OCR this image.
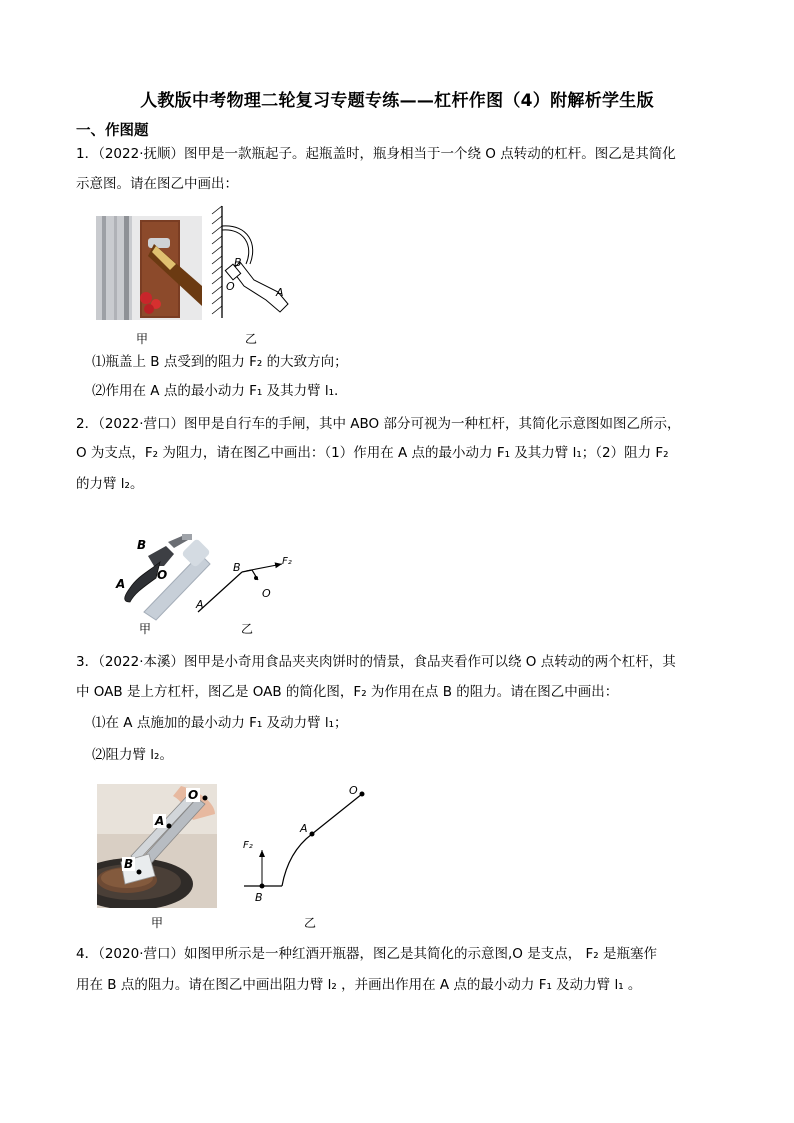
人教版中考物理二轮复习专题专练——杠杆作图（4）附解析学生版
一、作图题
1．（2022·抚顺）图甲是一款瓶起子。起瓶盖时，瓶身相当于一个绕 O 点转动的杠杆。图乙是其简化
示意图。请在图乙中画出：
甲
B
O	A
乙
⑴瓶盖上 B 点受到的阻力 F₂ 的大致方向；
⑵作用在 A 点的最小动力 F₁ 及其力臂 l₁.
2．（2022·营口）图甲是自行车的手闸，其中 ABO 部分可视为一种杠杆，其简化示意图如图乙所示，
O 为支点，F₂ 为阻力，请在图乙中画出：（1）作用在 A 点的最小动力 F₁ 及其力臂 l₁；（2）阻力 F₂
的力臂 l₂。
B
O
A
甲
B
O
A
F₂
乙
3．（2022·本溪）图甲是小奇用食品夹夹肉饼时的情景，食品夹看作可以绕 O 点转动的两个杠杆，其
中 OAB 是上方杠杆，图乙是 OAB 的简化图，F₂ 为作用在点 B 的阻力。请在图乙中画出：
⑴在 A 点施加的最小动力 F₁ 及动力臂 l₁；
⑵阻力臂 l₂。
O
A
B
甲
O
A
B
F₂
乙
4．（2020·营口）如图甲所示是一种红酒开瓶器，图乙是其简化的示意图,O 是支点， F₂ 是瓶塞作
用在 B 点的阻力。请在图乙中画出阻力臂 l₂ ，并画出作用在 A 点的最小动力 F₁ 及动力臂 l₁ 。
